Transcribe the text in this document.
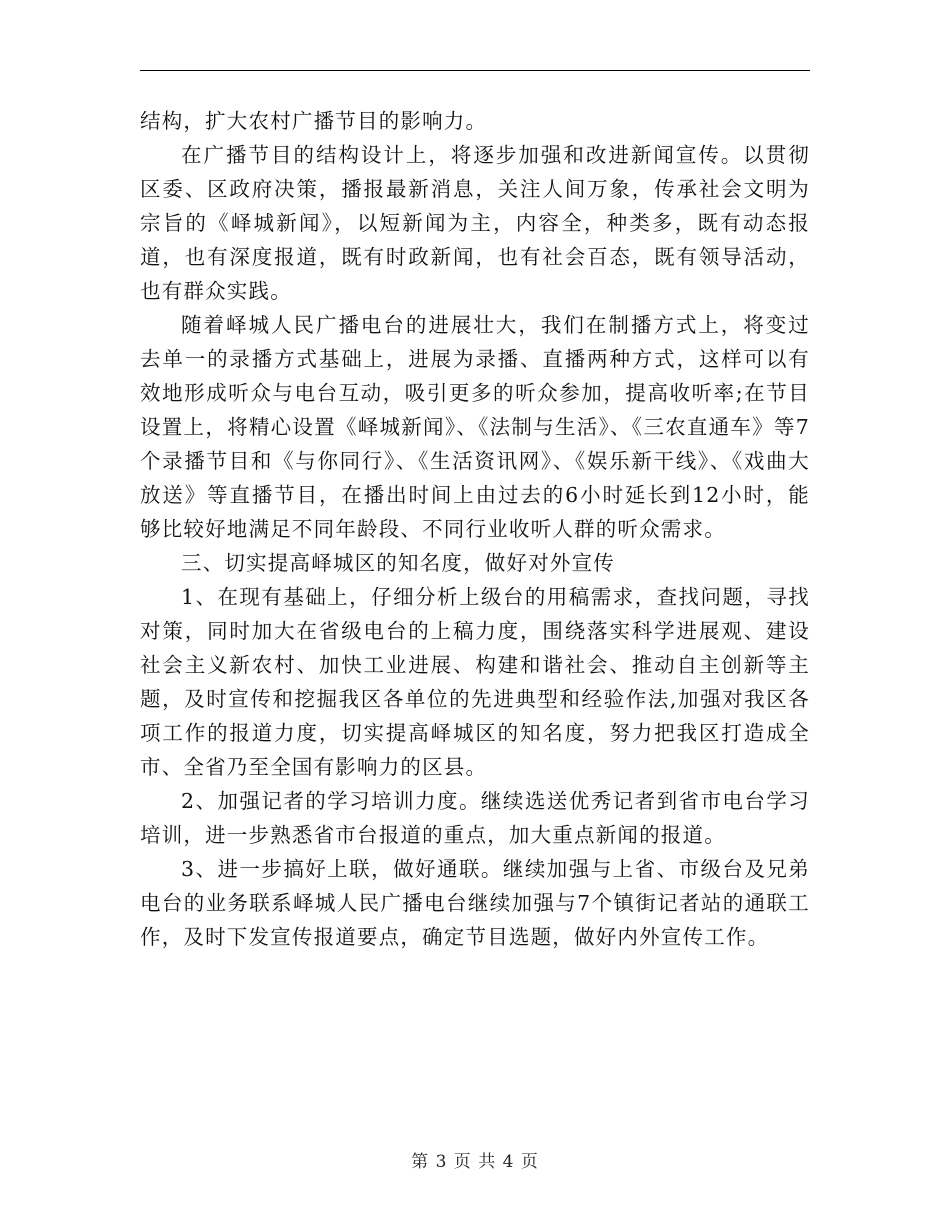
结构，扩大农村广播节目的影响力。

在广播节目的结构设计上，将逐步加强和改进新闻宣传。以贯彻区委、区政府决策，播报最新消息，关注人间万象，传承社会文明为宗旨的《峄城新闻》，以短新闻为主，内容全，种类多，既有动态报道，也有深度报道，既有时政新闻，也有社会百态，既有领导活动，也有群众实践。

随着峄城人民广播电台的进展壮大，我们在制播方式上，将变过去单一的录播方式基础上，进展为录播、直播两种方式，这样可以有效地形成听众与电台互动，吸引更多的听众参加，提高收听率;在节目设置上，将精心设置《峄城新闻》、《法制与生活》、《三农直通车》等7个录播节目和《与你同行》、《生活资讯网》、《娱乐新干线》、《戏曲大放送》等直播节目，在播出时间上由过去的6小时延长到12小时，能够比较好地满足不同年龄段、不同行业收听人群的听众需求。

三、切实提高峄城区的知名度，做好对外宣传

1、在现有基础上，仔细分析上级台的用稿需求，查找问题，寻找对策，同时加大在省级电台的上稿力度，围绕落实科学进展观、建设社会主义新农村、加快工业进展、构建和谐社会、推动自主创新等主题，及时宣传和挖掘我区各单位的先进典型和经验作法,加强对我区各项工作的报道力度，切实提高峄城区的知名度，努力把我区打造成全市、全省乃至全国有影响力的区县。

2、加强记者的学习培训力度。继续选送优秀记者到省市电台学习培训，进一步熟悉省市台报道的重点，加大重点新闻的报道。

3、进一步搞好上联，做好通联。继续加强与上省、市级台及兄弟电台的业务联系峄城人民广播电台继续加强与7个镇街记者站的通联工作，及时下发宣传报道要点，确定节目选题，做好内外宣传工作。

第 3 页 共 4 页
